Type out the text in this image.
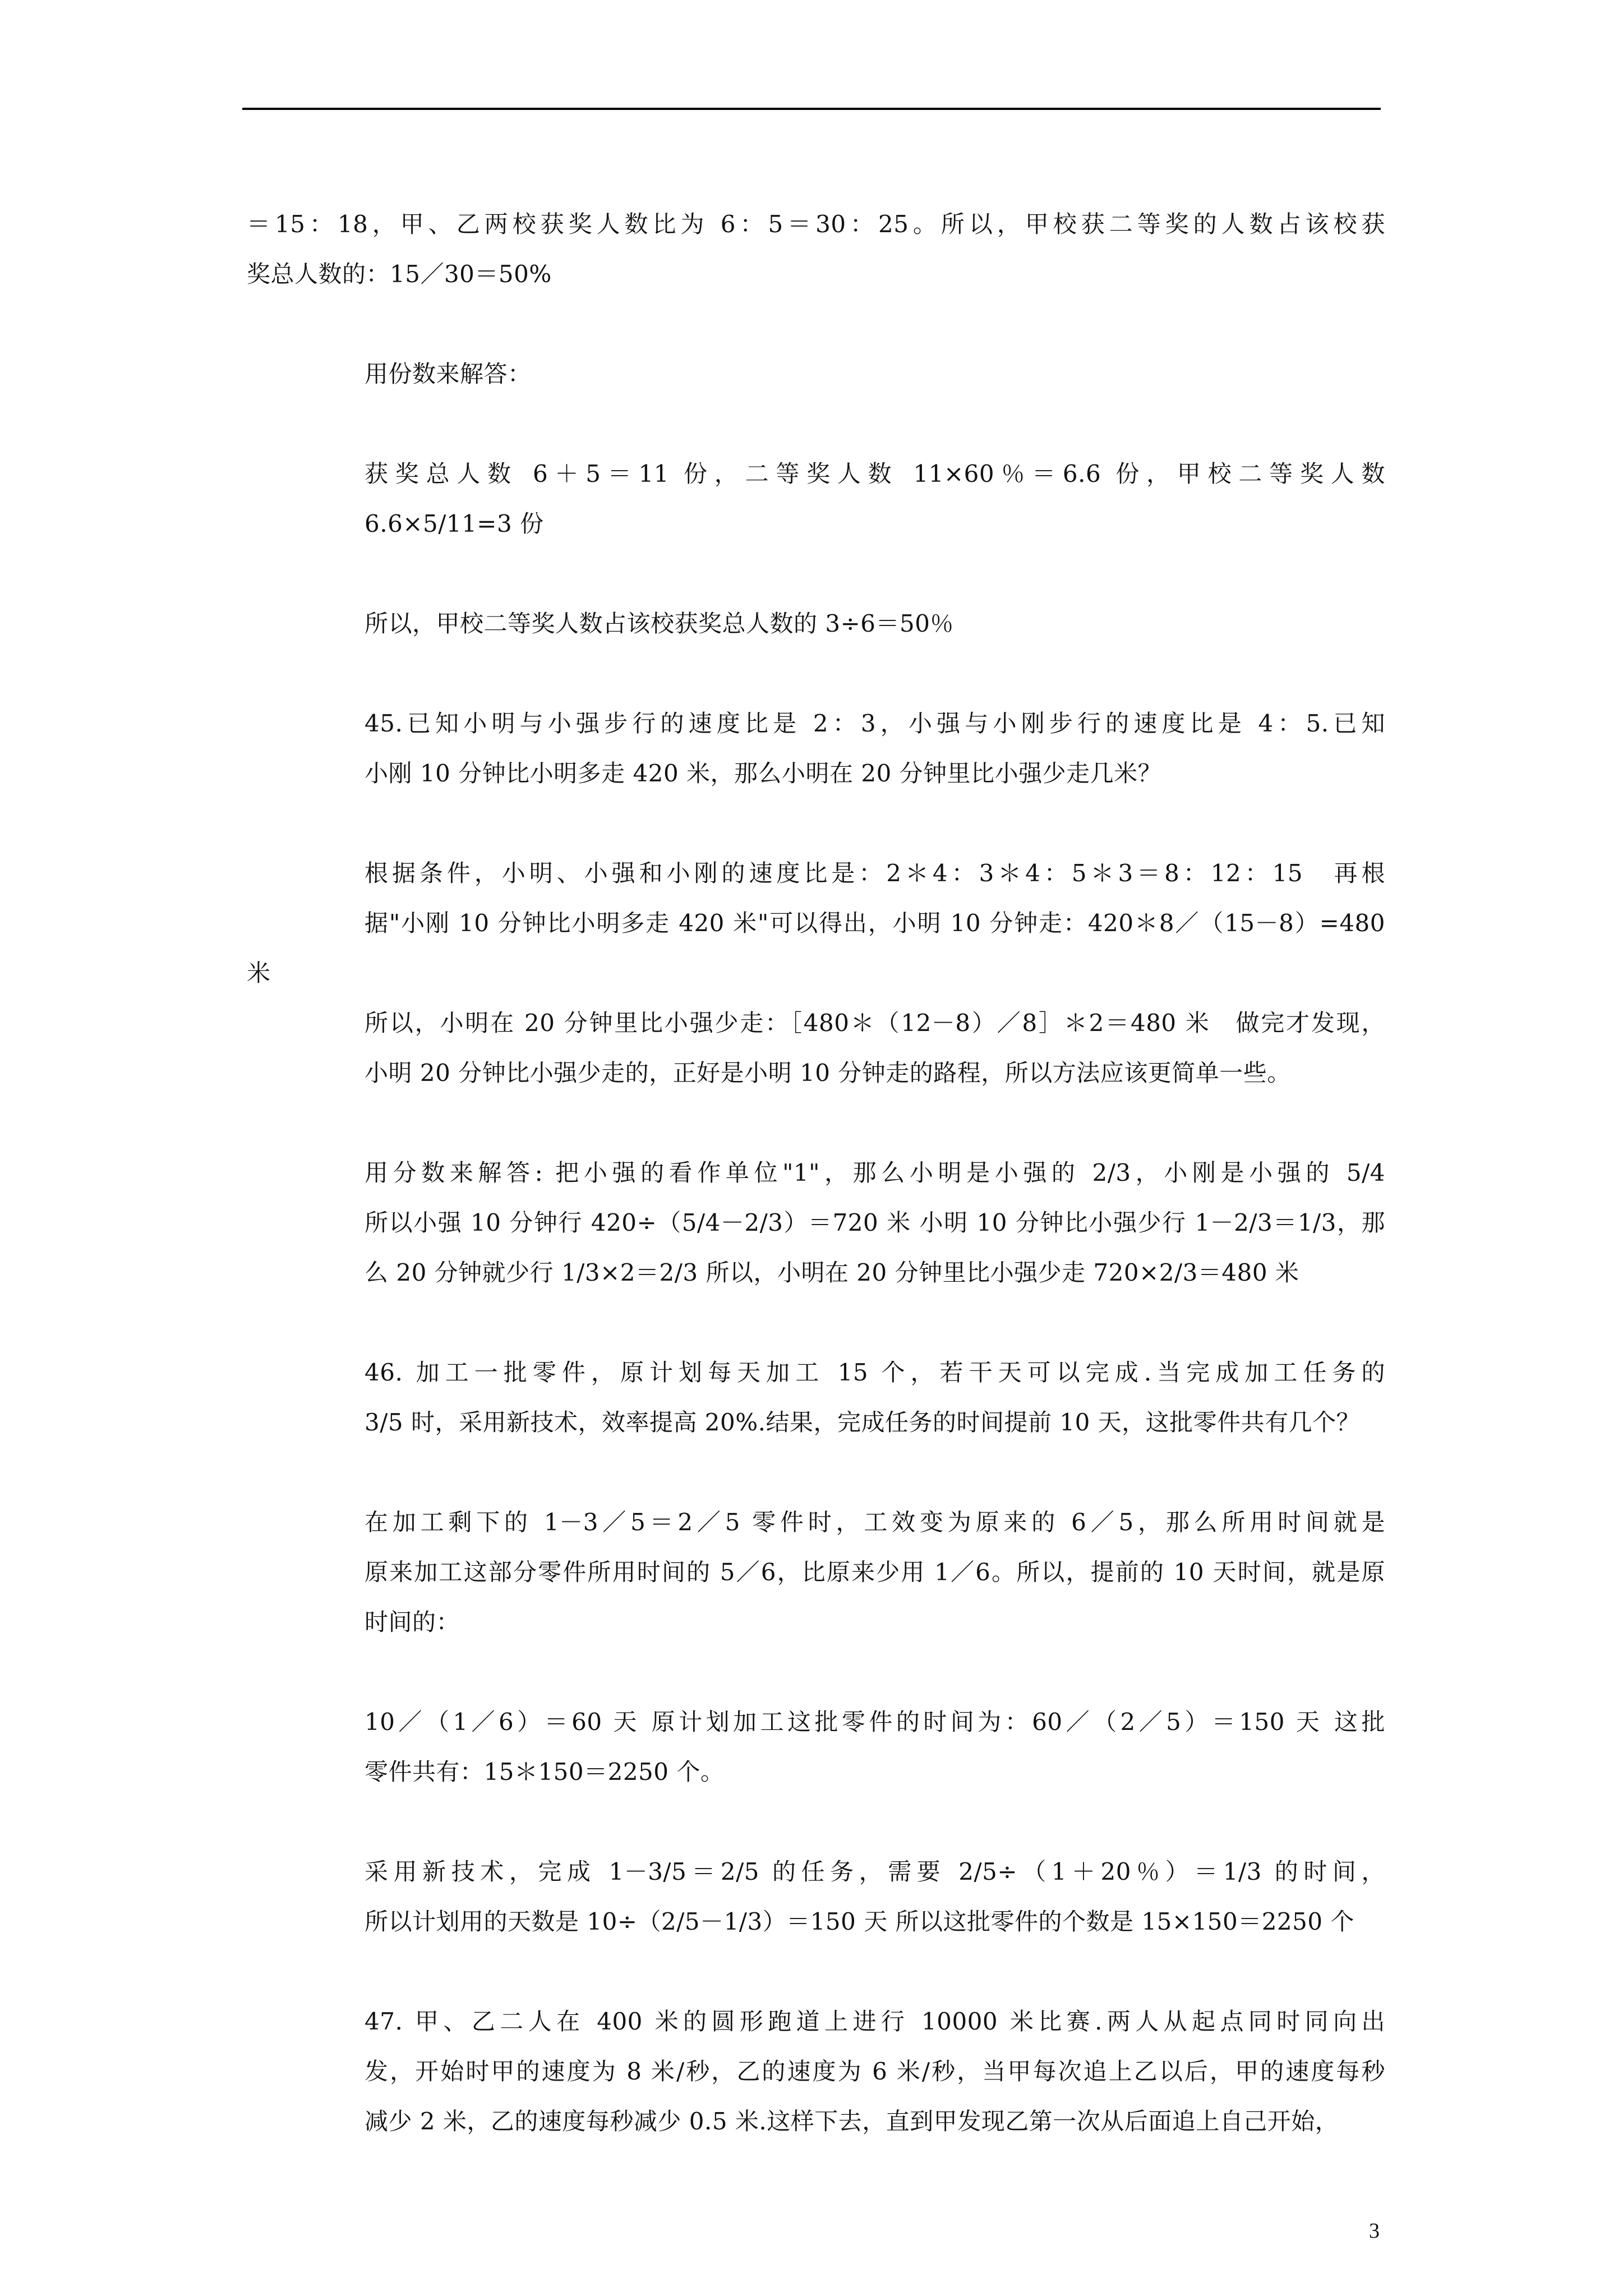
＝15：18，甲、乙两校获奖人数比为 6：5＝30：25。所以，甲校获二等奖的人数占该校获
奖总人数的：15／30＝50%
用份数来解答：
获奖总人数 6＋5＝11 份，二等奖人数 11×60％＝6.6 份，甲校二等奖人数
6.6×5/11=3 份
所以，甲校二等奖人数占该校获奖总人数的 3÷6＝50％
45.已知小明与小强步行的速度比是 2：3，小强与小刚步行的速度比是 4：5.已知
小刚 10 分钟比小明多走 420 米，那么小明在 20 分钟里比小强少走几米？
根据条件，小明、小强和小刚的速度比是：2＊4：3＊4：5＊3＝8：12：15　再根
据"小刚 10 分钟比小明多走 420 米"可以得出，小明 10 分钟走：420＊8／（15－8）=480 米
所以，小明在 20 分钟里比小强少走：［480＊（12－8）／8］＊2＝480 米　做完才发现，
小明 20 分钟比小强少走的，正好是小明 10 分钟走的路程，所以方法应该更简单一些。
用分数来解答: 把小强的看作单位"1"，那么小明是小强的 2/3，小刚是小强的 5/4
所以小强 10 分钟行 420÷（5/4－2/3）＝720 米 小明 10 分钟比小强少行 1－2/3＝1/3，那
么 20 分钟就少行 1/3×2＝2/3 所以，小明在 20 分钟里比小强少走 720×2/3＝480 米
46. 加工一批零件，原计划每天加工 15 个，若干天可以完成.当完成加工任务的
3/5 时，采用新技术，效率提高 20%.结果，完成任务的时间提前 10 天，这批零件共有几个？
在加工剩下的 1－3／5＝2／5 零件时，工效变为原来的 6／5，那么所用时间就是
原来加工这部分零件所用时间的 5／6，比原来少用 1／6。所以，提前的 10 天时间，就是原
时间的：
10／（1／6）＝60 天 原计划加工这批零件的时间为：60／（2／5）＝150 天 这批
零件共有：15＊150＝2250 个。
采用新技术，完成 1－3/5＝2/5 的任务，需要 2/5÷（1＋20％）＝1/3 的时间，
所以计划用的天数是 10÷（2/5－1/3）＝150 天 所以这批零件的个数是 15×150＝2250 个
47. 甲、乙二人在 400 米的圆形跑道上进行 10000 米比赛.两人从起点同时同向出
发，开始时甲的速度为 8 米/秒，乙的速度为 6 米/秒，当甲每次追上乙以后，甲的速度每秒
减少 2 米，乙的速度每秒减少 0.5 米.这样下去，直到甲发现乙第一次从后面追上自己开始，
3
